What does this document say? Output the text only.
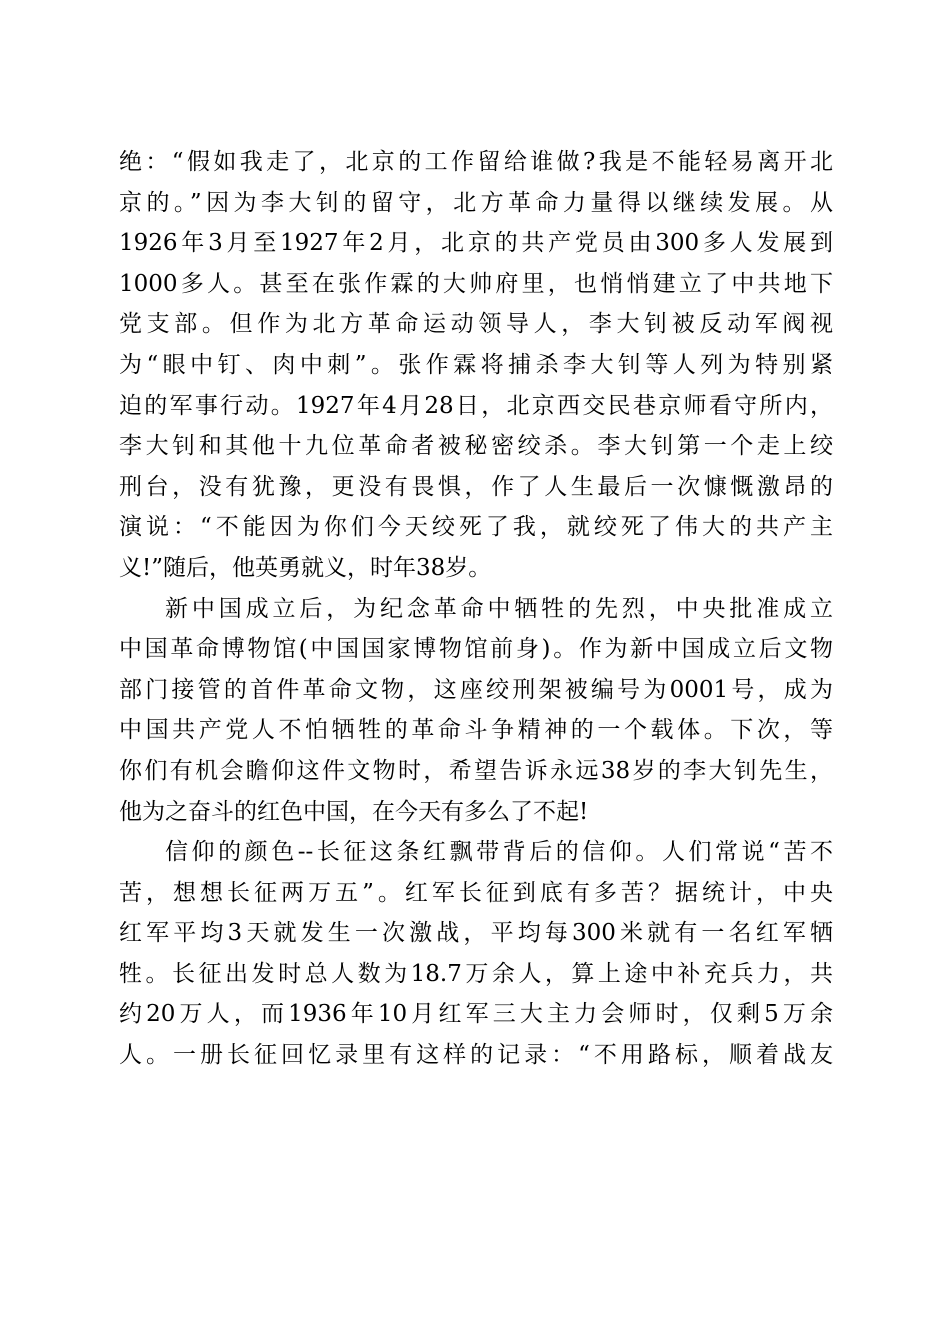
绝：“假如我走了，北京的工作留给谁做?我是不能轻易离开北
京的。”因为李大钊的留守，北方革命力量得以继续发展。从
1926年3月至1927年2月，北京的共产党员由300多人发展到
1000多人。甚至在张作霖的大帅府里，也悄悄建立了中共地下
党支部。但作为北方革命运动领导人，李大钊被反动军阀视
为“眼中钉、肉中刺”。张作霖将捕杀李大钊等人列为特别紧
迫的军事行动。1927年4月28日，北京西交民巷京师看守所内，
李大钊和其他十九位革命者被秘密绞杀。李大钊第一个走上绞
刑台，没有犹豫，更没有畏惧，作了人生最后一次慷慨激昂的
演说：“不能因为你们今天绞死了我，就绞死了伟大的共产主
义!”随后，他英勇就义，时年38岁。
新中国成立后，为纪念革命中牺牲的先烈，中央批准成立
中国革命博物馆(中国国家博物馆前身)。作为新中国成立后文物
部门接管的首件革命文物，这座绞刑架被编号为0001号，成为
中国共产党人不怕牺牲的革命斗争精神的一个载体。下次，等
你们有机会瞻仰这件文物时，希望告诉永远38岁的李大钊先生，
他为之奋斗的红色中国，在今天有多么了不起!
信仰的颜色--长征这条红飘带背后的信仰。人们常说“苦不
苦，想想长征两万五”。红军长征到底有多苦？据统计，中央
红军平均3天就发生一次激战，平均每300米就有一名红军牺
牲。长征出发时总人数为18.7万余人，算上途中补充兵力，共
约20万人，而1936年10月红军三大主力会师时，仅剩5万余
人。一册长征回忆录里有这样的记录：“不用路标，顺着战友
